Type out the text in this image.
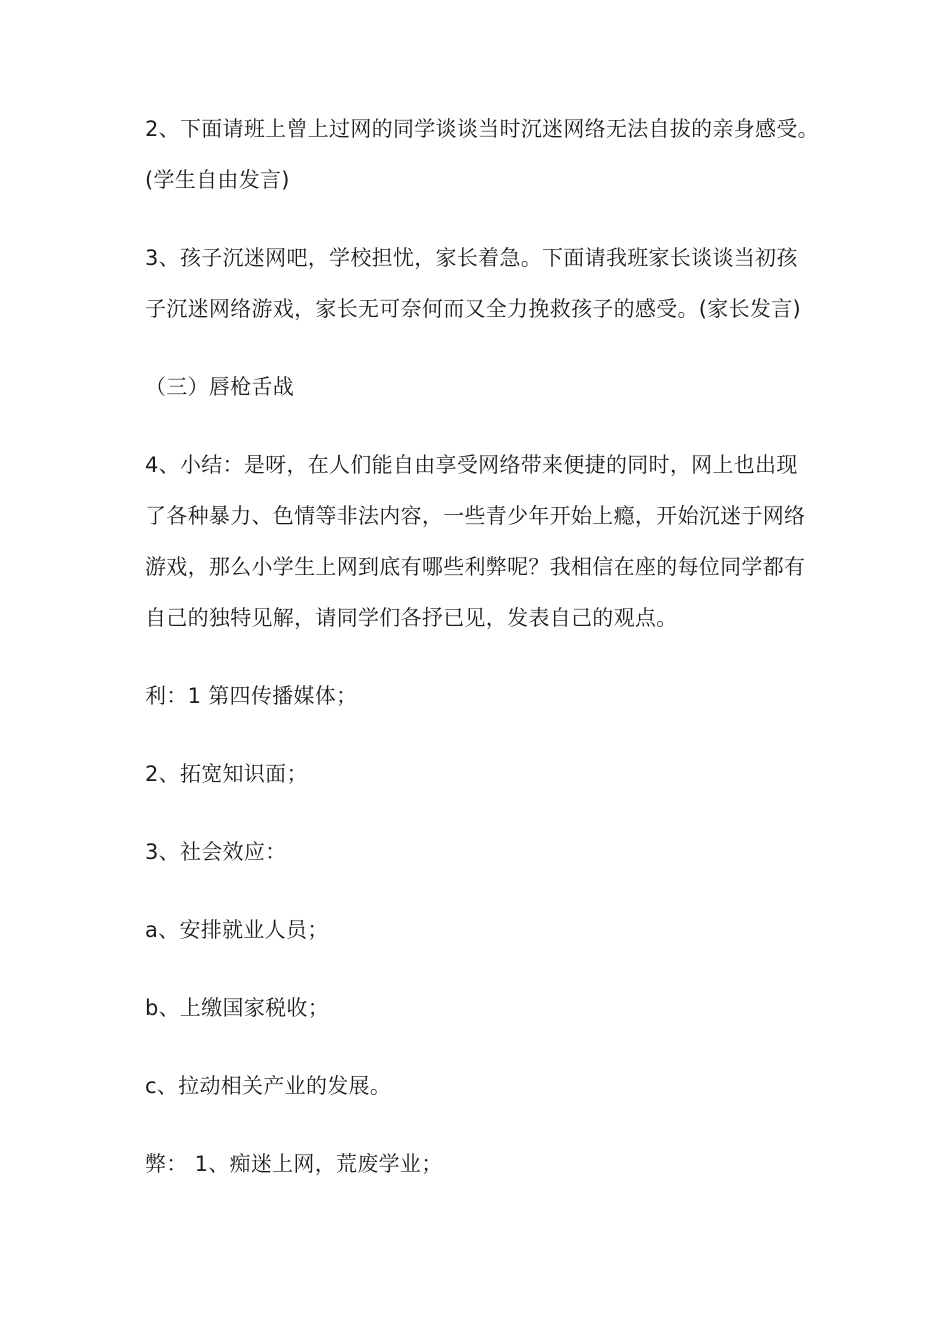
2、下面请班上曾上过网的同学谈谈当时沉迷网络无法自拔的亲身感受。
(学生自由发言)

3、孩子沉迷网吧，学校担忧，家长着急。下面请我班家长谈谈当初孩
子沉迷网络游戏，家长无可奈何而又全力挽救孩子的感受。(家长发言)

（三）唇枪舌战

4、小结：是呀，在人们能自由享受网络带来便捷的同时，网上也出现
了各种暴力、色情等非法内容，一些青少年开始上瘾，开始沉迷于网络
游戏，那么小学生上网到底有哪些利弊呢？我相信在座的每位同学都有
自己的独特见解，请同学们各抒已见，发表自己的观点。

利：1 第四传播媒体；

2、拓宽知识面；

3、社会效应：

a、安排就业人员；

b、上缴国家税收；

c、拉动相关产业的发展。

弊： 1、痴迷上网，荒废学业；
